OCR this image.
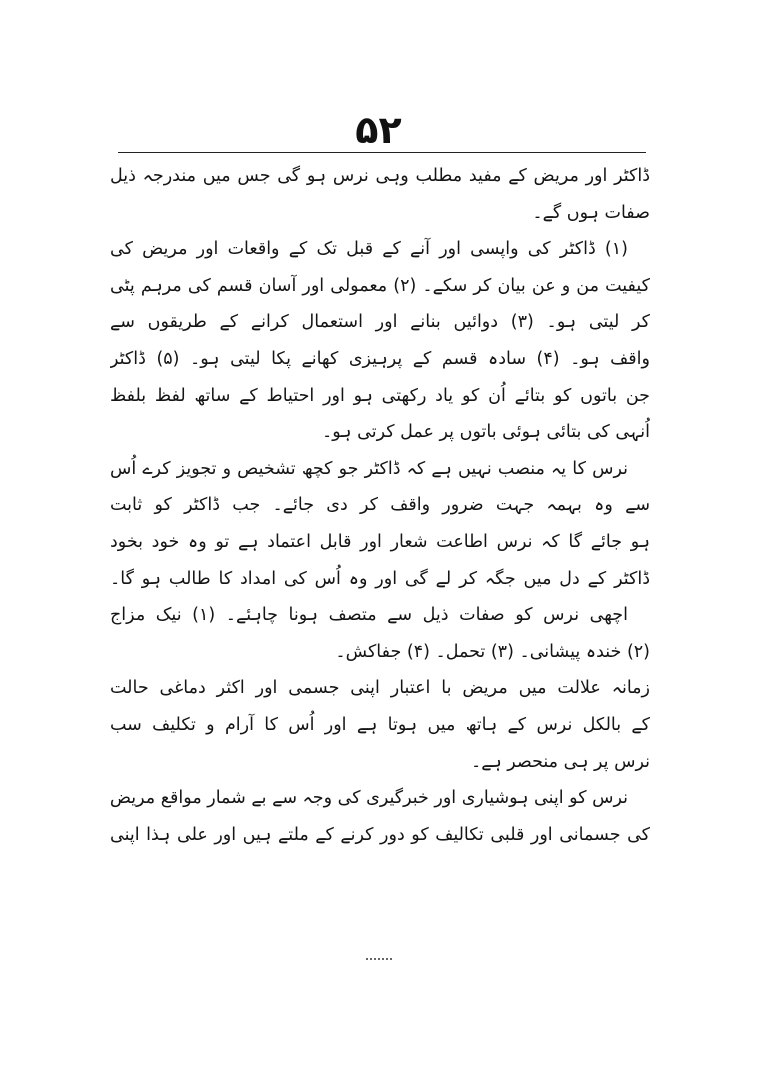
۵۲
ڈاکٹر اور مریض کے مفید مطلب وہی نرس ہو گی جس میں مندرجہ ذیل
صفات ہوں گے۔
(۱) ڈاکٹر کی واپسی اور آنے کے قبل تک کے واقعات اور مریض کی
کیفیت من و عن بیان کر سکے۔ (۲) معمولی اور آسان قسم کی مرہم پٹی
کر لیتی ہو۔ (۳) دوائیں بنانے اور استعمال کرانے کے طریقوں سے
واقف ہو۔ (۴) سادہ قسم کے پرہیزی کھانے پکا لیتی ہو۔ (۵) ڈاکٹر
جن باتوں کو بتائے اُن کو یاد رکھتی ہو اور احتیاط کے ساتھ لفظ بلفظ
اُنہی کی بتائی ہوئی باتوں پر عمل کرتی ہو۔
نرس کا یہ منصب نہیں ہے کہ ڈاکٹر جو کچھ تشخیص و تجویز کرے اُس
سے وہ بہمہ جہت ضرور واقف کر دی جائے۔ جب ڈاکٹر کو ثابت
ہو جائے گا کہ نرس اطاعت شعار اور قابل اعتماد ہے تو وہ خود بخود
ڈاکٹر کے دل میں جگہ کر لے گی اور وہ اُس کی امداد کا طالب ہو گا۔
اچھی نرس کو صفات ذیل سے متصف ہونا چاہئے۔ (۱) نیک مزاج
(۲) خندہ پیشانی۔ (۳) تحمل۔ (۴) جفاکش۔
زمانہ علالت میں مریض با اعتبار اپنی جسمی اور اکثر دماغی حالت
کے بالکل نرس کے ہاتھ میں ہوتا ہے اور اُس کا آرام و تکلیف سب
نرس پر ہی منحصر ہے۔
نرس کو اپنی ہوشیاری اور خبرگیری کی وجہ سے بے شمار مواقع مریض
کی جسمانی اور قلبی تکالیف کو دور کرنے کے ملتے ہیں اور علی ہذا اپنی
